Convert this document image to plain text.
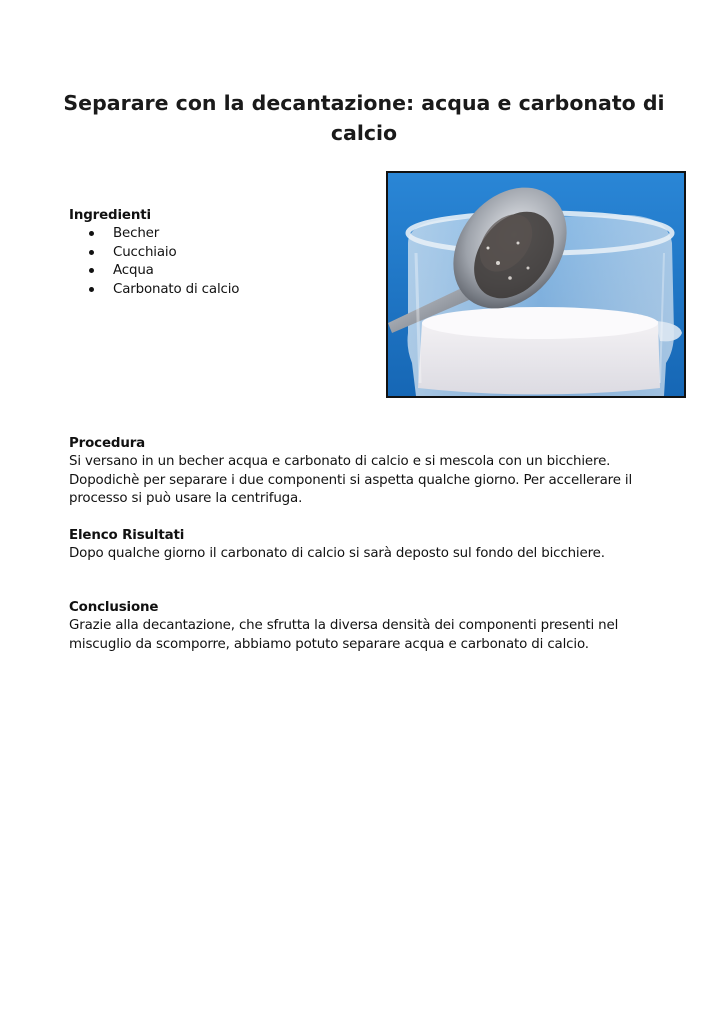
Separare con la decantazione: acqua e carbonato di calcio
Ingredienti
Becher
Cucchiaio
Acqua
Carbonato di calcio
Procedura

Si versano in un becher acqua e carbonato di calcio e si mescola con un bicchiere. Dopodichè per separare i due componenti si aspetta qualche giorno. Per accellerare il processo si può usare la centrifuga.

Elenco Risultati

Dopo qualche giorno il carbonato di calcio si sarà deposto sul fondo del bicchiere.

Conclusione

Grazie alla decantazione, che sfrutta la diversa densità dei componenti presenti nel miscuglio da scomporre, abbiamo potuto separare acqua e carbonato di calcio.
